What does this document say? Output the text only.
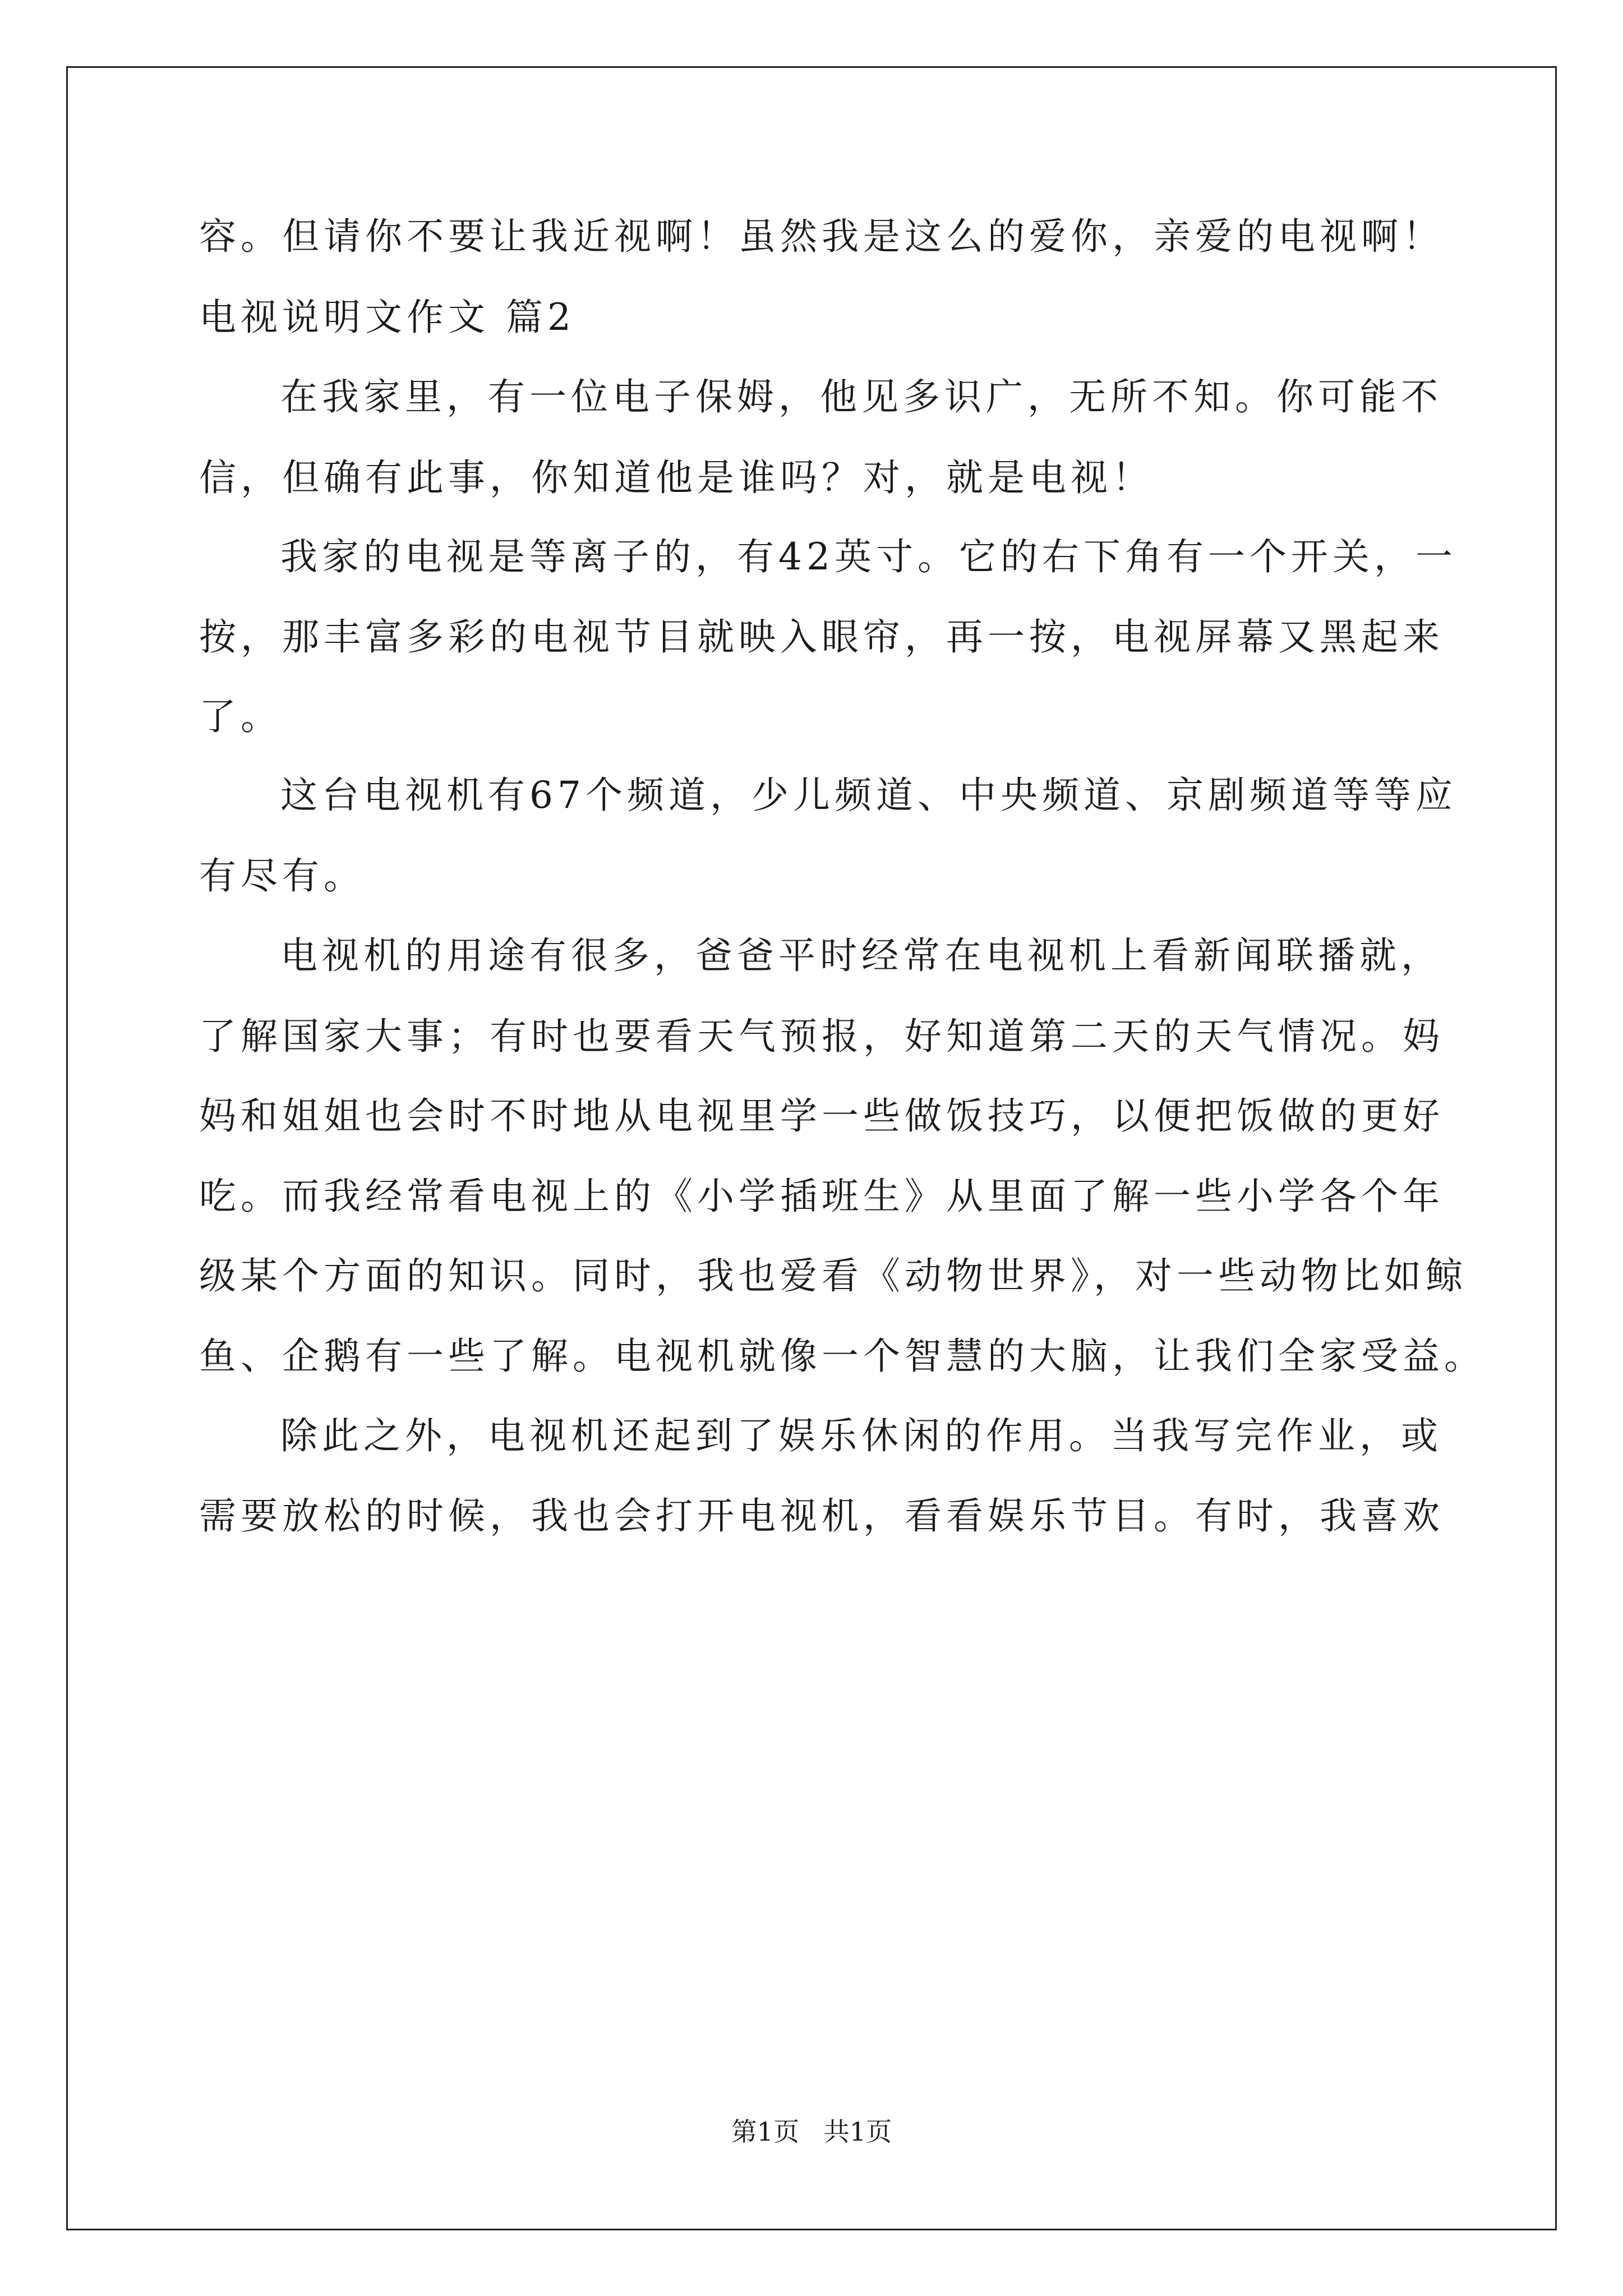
容。但请你不要让我近视啊！虽然我是这么的爱你，亲爱的电视啊！
电视说明文作文 篇2
在我家里，有一位电子保姆，他见多识广，无所不知。你可能不
信，但确有此事，你知道他是谁吗？对，就是电视！
我家的电视是等离子的，有42英寸。它的右下角有一个开关，一
按，那丰富多彩的电视节目就映入眼帘，再一按，电视屏幕又黑起来
了。
这台电视机有67个频道，少儿频道、中央频道、京剧频道等等应
有尽有。
电视机的用途有很多，爸爸平时经常在电视机上看新闻联播就，
了解国家大事；有时也要看天气预报，好知道第二天的天气情况。妈
妈和姐姐也会时不时地从电视里学一些做饭技巧，以便把饭做的更好
吃。而我经常看电视上的《小学插班生》从里面了解一些小学各个年
级某个方面的知识。同时，我也爱看《动物世界》，对一些动物比如鲸
鱼、企鹅有一些了解。电视机就像一个智慧的大脑，让我们全家受益。
除此之外，电视机还起到了娱乐休闲的作用。当我写完作业，或
需要放松的时候，我也会打开电视机，看看娱乐节目。有时，我喜欢
第1页   共1页
